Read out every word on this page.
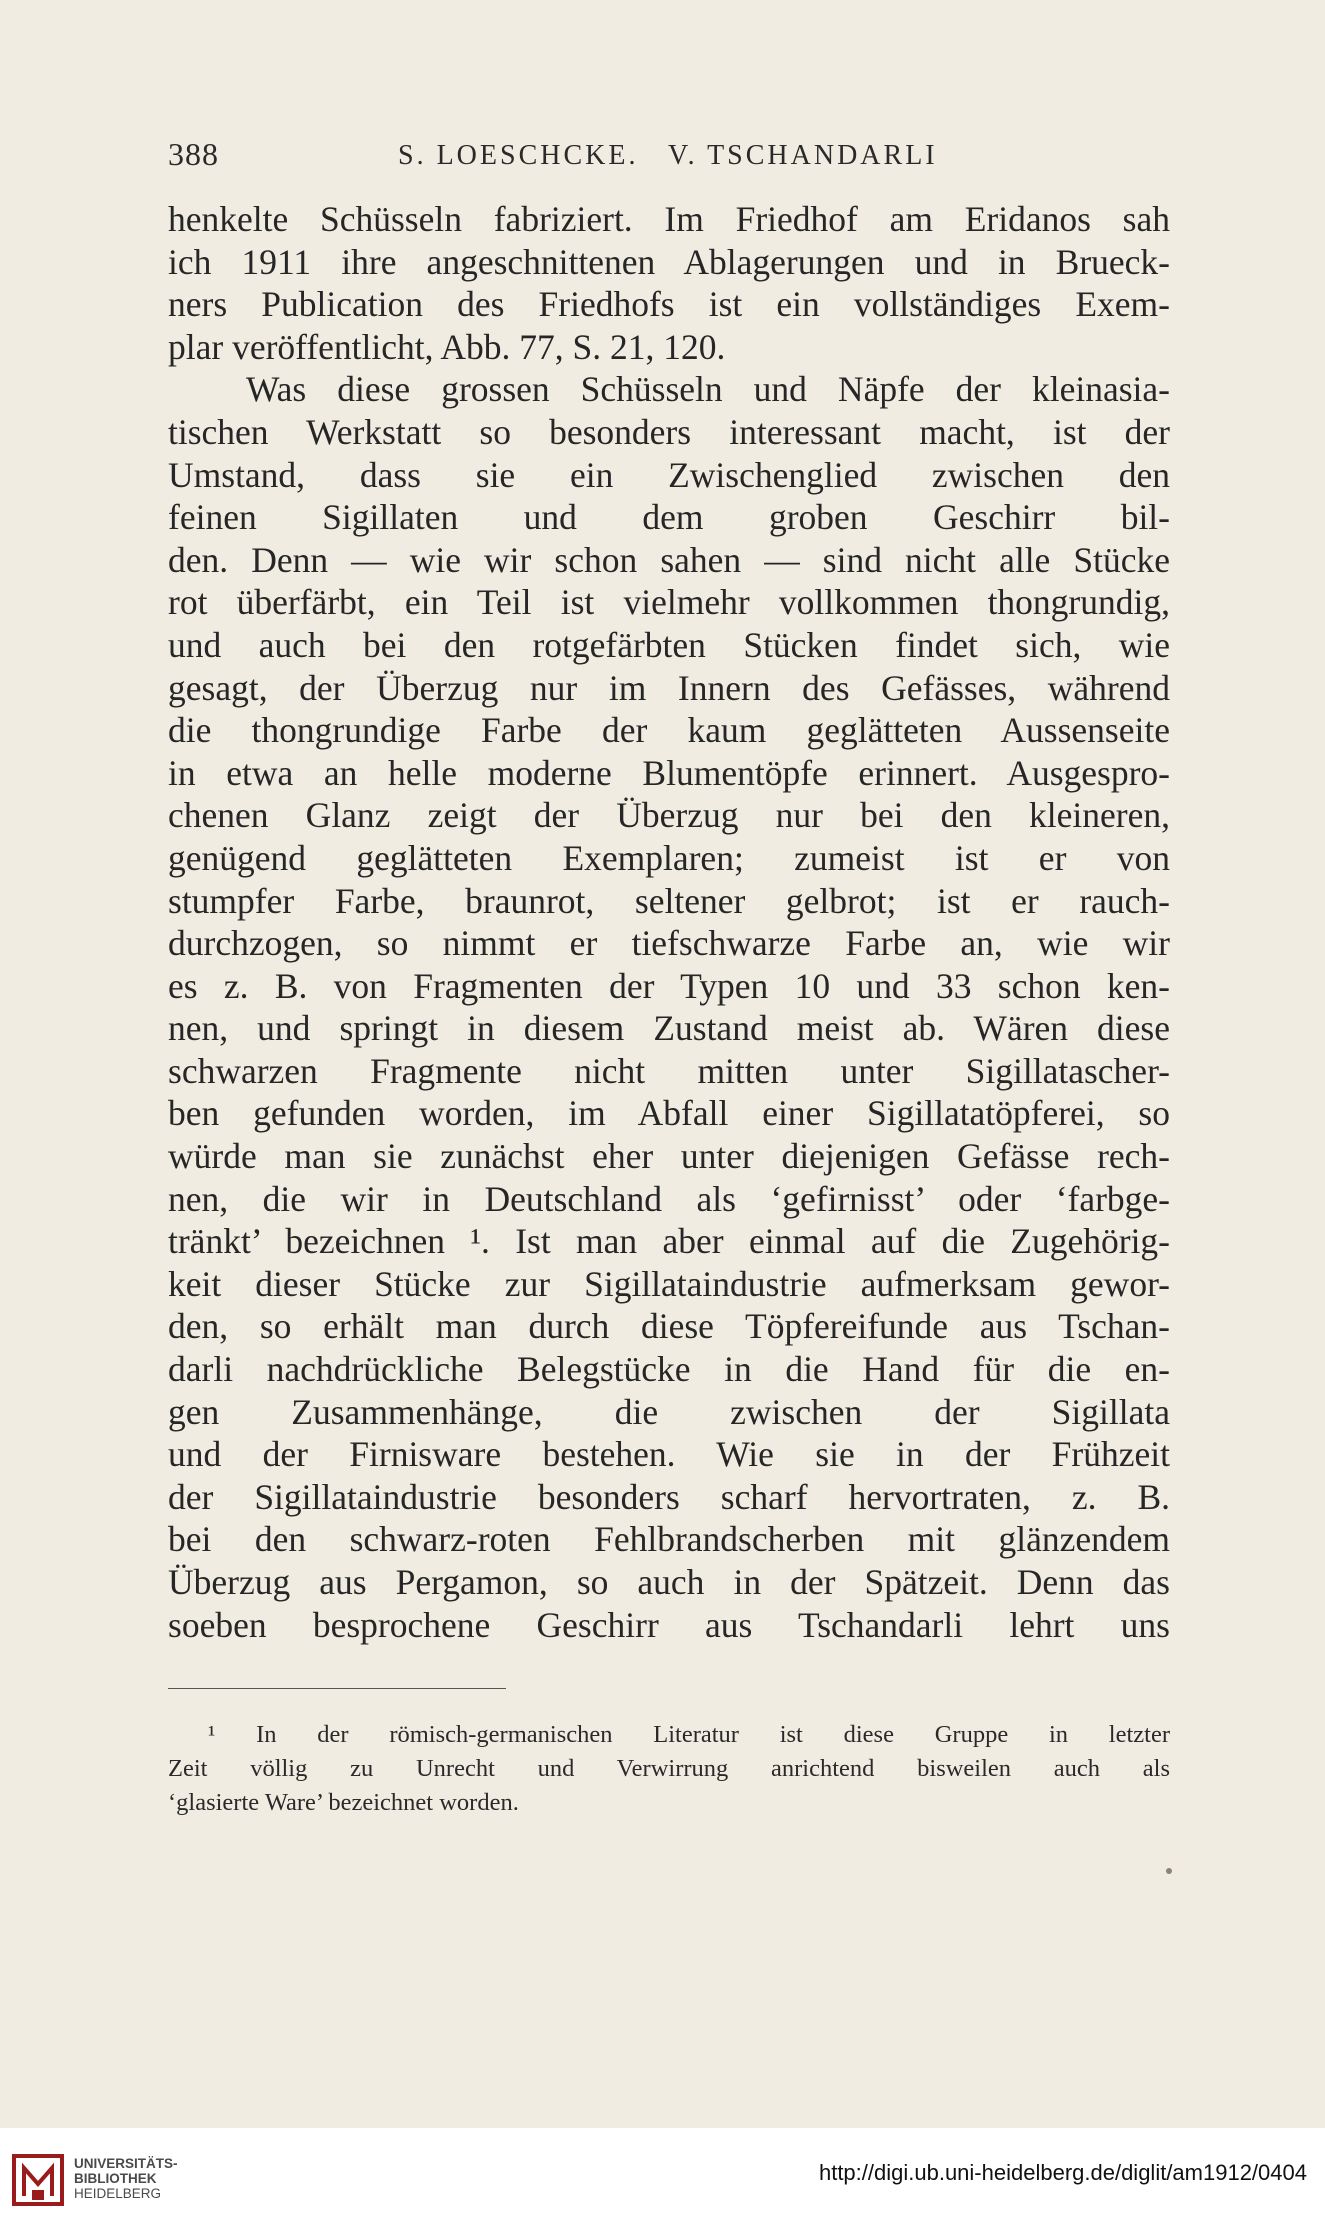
388	S. LOESCHCKE.   V. TSCHANDARLI
henkelte Schüsseln fabriziert. Im Friedhof am Eridanos sah
ich 1911 ihre angeschnittenen Ablagerungen und in Brueck-
ners Publication des Friedhofs ist ein vollständiges Exem-
plar veröffentlicht, Abb. 77, S. 21, 120.
Was diese grossen Schüsseln und Näpfe der kleinasia-
tischen Werkstatt so besonders interessant macht, ist der
Umstand, dass sie ein Zwischenglied zwischen den
feinen Sigillaten und dem groben Geschirr bil-
den. Denn — wie wir schon sahen — sind nicht alle Stücke
rot überfärbt, ein Teil ist vielmehr vollkommen thongrundig,
und auch bei den rotgefärbten Stücken findet sich, wie
gesagt, der Überzug nur im Innern des Gefässes, während
die thongrundige Farbe der kaum geglätteten Aussenseite
in etwa an helle moderne Blumentöpfe erinnert. Ausgespro-
chenen Glanz zeigt der Überzug nur bei den kleineren,
genügend geglätteten Exemplaren; zumeist ist er von
stumpfer Farbe, braunrot, seltener gelbrot; ist er rauch-
durchzogen, so nimmt er tiefschwarze Farbe an, wie wir
es z. B. von Fragmenten der Typen 10 und 33 schon ken-
nen, und springt in diesem Zustand meist ab. Wären diese
schwarzen Fragmente nicht mitten unter Sigillatascher-
ben gefunden worden, im Abfall einer Sigillatatöpferei, so
würde man sie zunächst eher unter diejenigen Gefässe rech-
nen, die wir in Deutschland als ‘gefirnisst’ oder ‘farbge-
tränkt’ bezeichnen ¹. Ist man aber einmal auf die Zugehörig-
keit dieser Stücke zur Sigillataindustrie aufmerksam gewor-
den, so erhält man durch diese Töpfereifunde aus Tschan-
darli nachdrückliche Belegstücke in die Hand für die en-
gen Zusammenhänge, die zwischen der Sigillata
und der Firnisware bestehen. Wie sie in der Frühzeit
der Sigillataindustrie besonders scharf hervortraten, z. B.
bei den schwarz-roten Fehlbrandscherben mit glänzendem
Überzug aus Pergamon, so auch in der Spätzeit. Denn das
soeben besprochene Geschirr aus Tschandarli lehrt uns
¹ In der römisch-germanischen Literatur ist diese Gruppe in letzter
Zeit völlig zu Unrecht und Verwirrung anrichtend bisweilen auch als
‘glasierte Ware’ bezeichnet worden.
UNIVERSITÄTS-
BIBLIOTHEK
HEIDELBERG
http://digi.ub.uni-heidelberg.de/diglit/am1912/0404
